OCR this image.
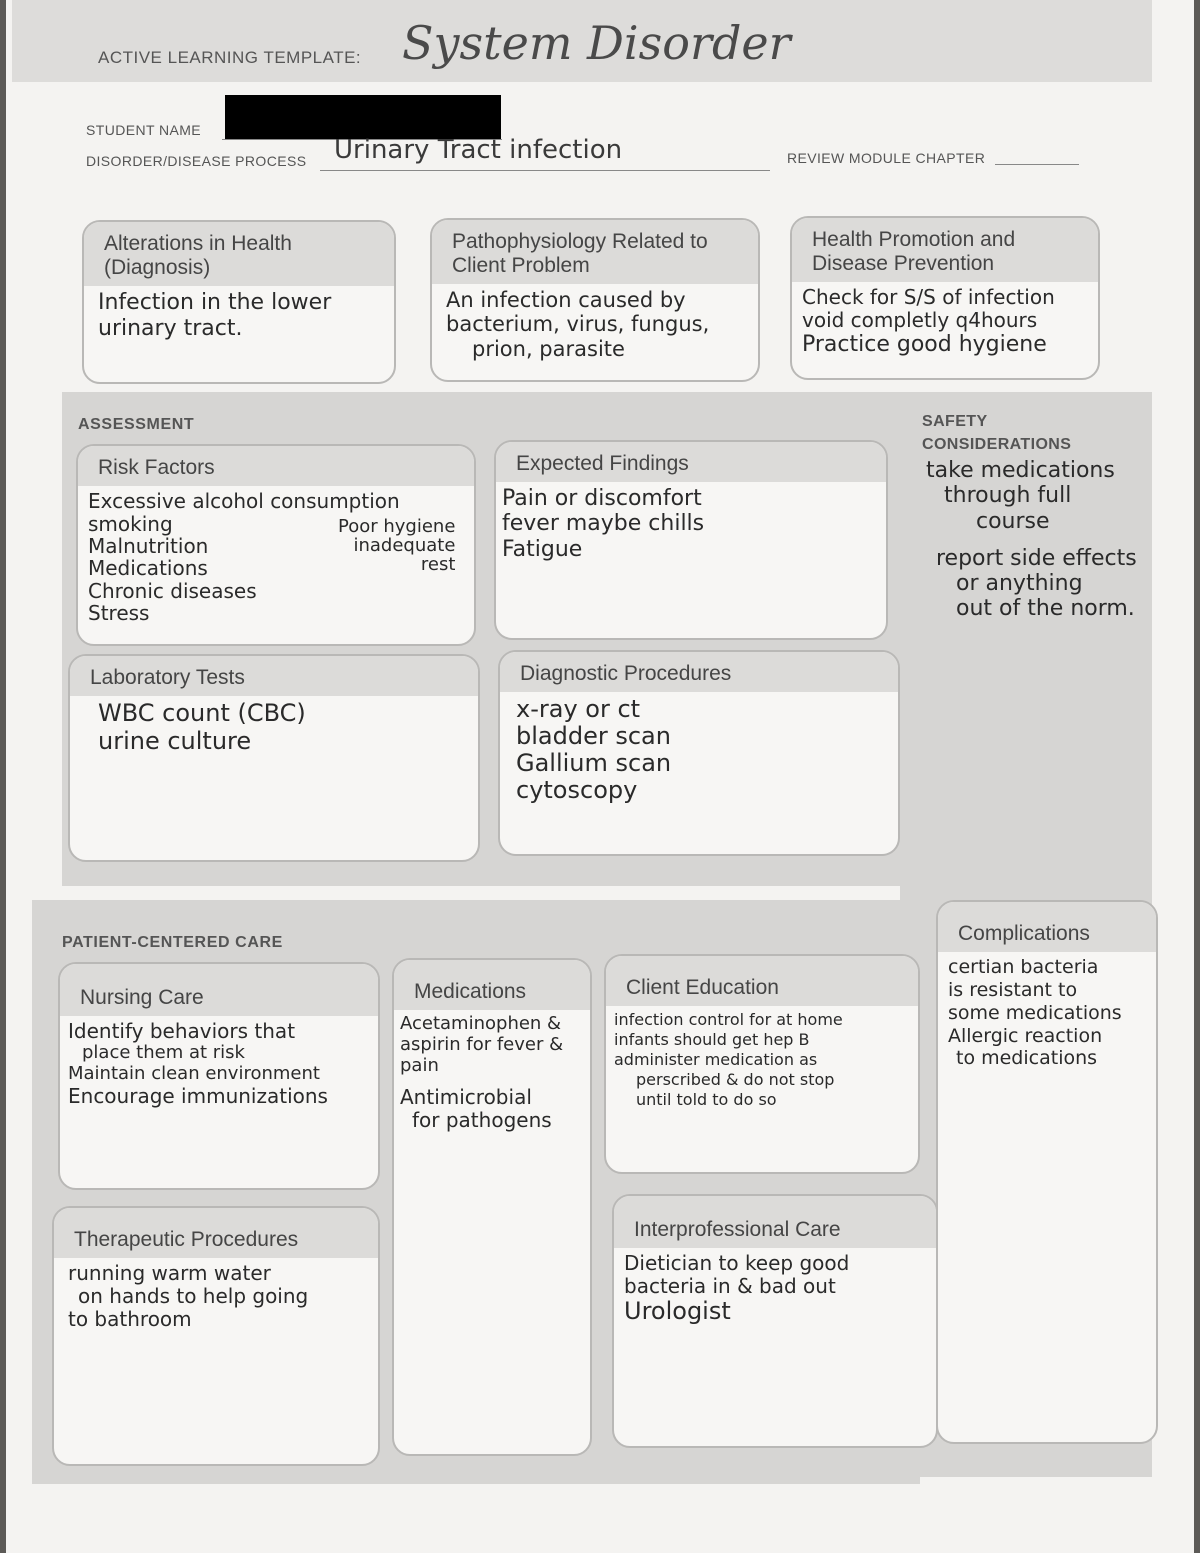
ACTIVE LEARNING TEMPLATE: System Disorder
STUDENT NAME
DISORDER/DISEASE PROCESS Urinary Tract infection	REVIEW MODULE CHAPTER
Alterations in Health (Diagnosis)
Infection in the lower
urinary tract.
Pathophysiology Related to Client Problem
An infection caused by
bacterium, virus, fungus,
prion, parasite
Health Promotion and Disease Prevention
Check for S/S of infection
void completly q4hours
Practice good hygiene
ASSESSMENT
Risk Factors
Excessive alcohol consumption
smoking
Malnutrition
Medications
Chronic diseases
Stress
Poor hygiene
inadequate
rest
Expected Findings
Pain or discomfort
fever maybe chills
Fatigue
Laboratory Tests
WBC count (CBC)
urine culture
Diagnostic Procedures
x-ray or ct
bladder scan
Gallium scan
cytoscopy
SAFETY
CONSIDERATIONS
take medications
through full
course
report side effects
or anything
out of the norm.
PATIENT-CENTERED CARE
Nursing Care
Identify behaviors that
place them at risk
Maintain clean environment
Encourage immunizations
Medications
Acetaminophen &
aspirin for fever &
pain
Antimicrobial
for pathogens
Client Education
infection control for at home
infants should get hep B
administer medication as
perscribed & do not stop
until told to do so
Therapeutic Procedures
running warm water
on hands to help going
to bathroom
Interprofessional Care
Dietician to keep good
bacteria in & bad out
Urologist
Complications
certian bacteria
is resistant to
some medications
Allergic reaction
to medications
